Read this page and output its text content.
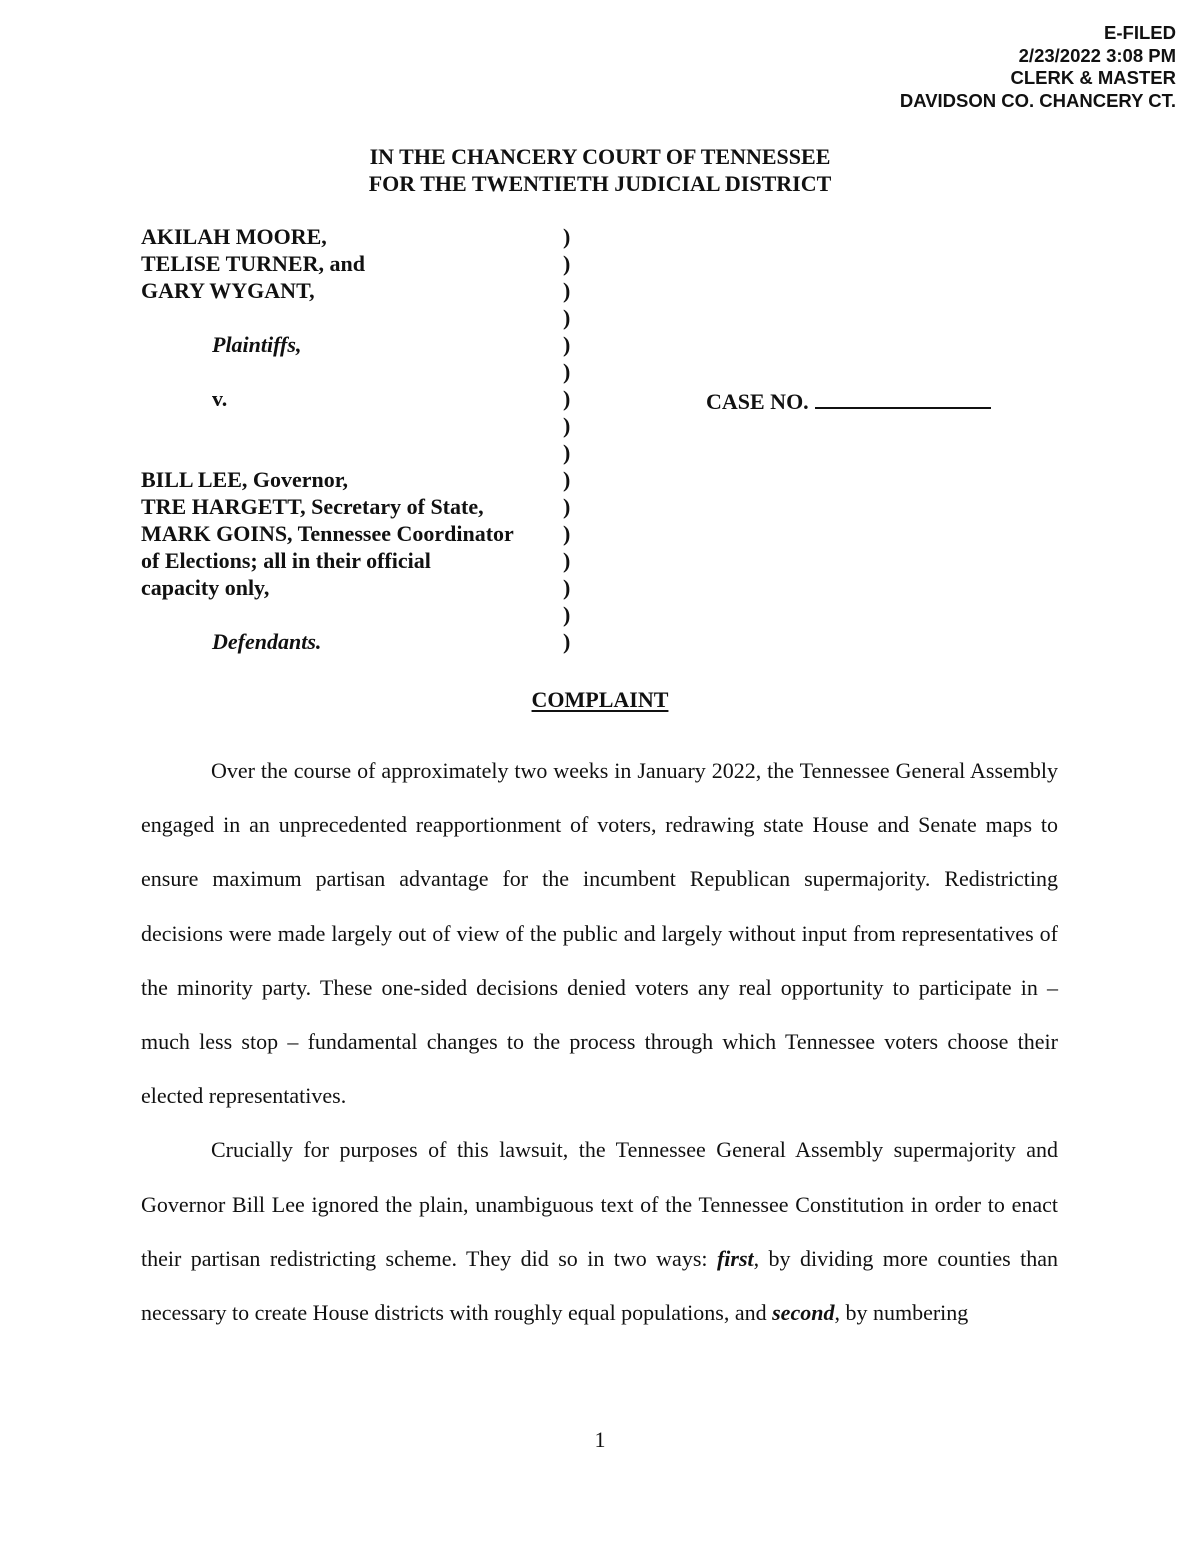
E-FILED
2/23/2022 3:08 PM
CLERK & MASTER
DAVIDSON CO. CHANCERY CT.
IN THE CHANCERY COURT OF TENNESSEE
FOR THE TWENTIETH JUDICIAL DISTRICT
AKILAH MOORE,
TELISE TURNER, and
GARY WYGANT,
Plaintiffs,
v.
BILL LEE, Governor,
TRE HARGETT, Secretary of State,
MARK GOINS, Tennessee Coordinator
of Elections; all in their official
capacity only,
Defendants.
)
)
)
)
)
)
)
)
)
)
)
)
)
)
)
)
CASE NO.
COMPLAINT

Over the course of approximately two weeks in January 2022, the Tennessee General Assembly engaged in an unprecedented reapportionment of voters, redrawing state House and Senate maps to ensure maximum partisan advantage for the incumbent Republican supermajority. Redistricting decisions were made largely out of view of the public and largely without input from representatives of the minority party. These one-sided decisions denied voters any real opportunity to participate in – much less stop – fundamental changes to the process through which Tennessee voters choose their elected representatives.

Crucially for purposes of this lawsuit, the Tennessee General Assembly supermajority and Governor Bill Lee ignored the plain, unambiguous text of the Tennessee Constitution in order to enact their partisan redistricting scheme. They did so in two ways: first, by dividing more counties than necessary to create House districts with roughly equal populations, and second, by numbering

1
